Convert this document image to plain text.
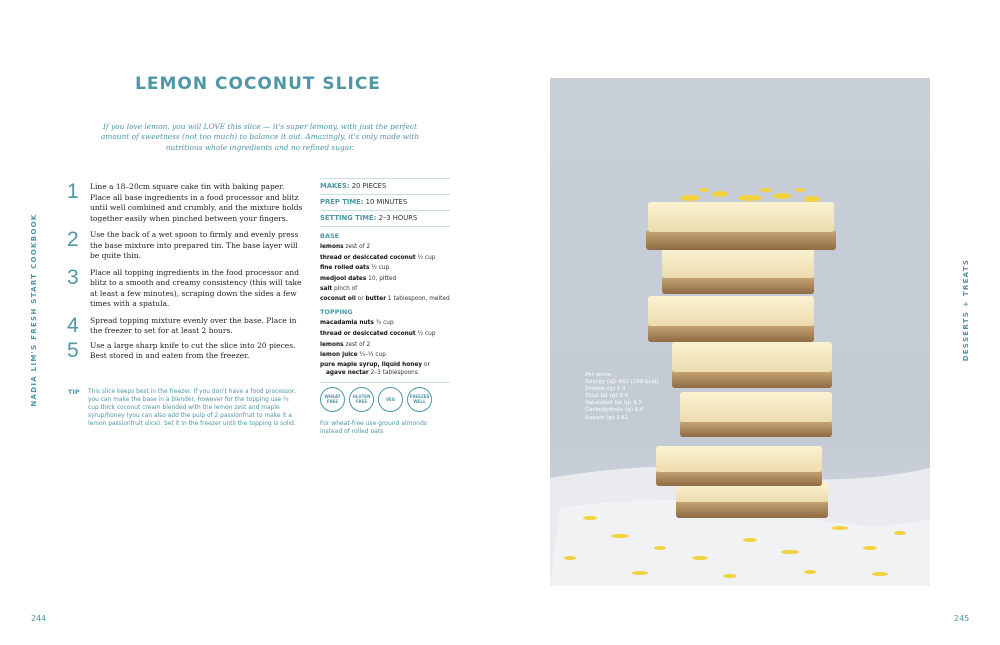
NADIA LIM'S FRESH START COOKBOOK	DESSERTS + TREATS
244	245
LEMON COCONUT SLICE

If you love lemon, you will LOVE this slice — it's super lemony, with just the perfect amount of sweetness (not too much) to balance it out. Amazingly, it's only made with nutritious whole ingredients and no refined sugar.

1 Line a 18–20cm square cake tin with baking paper. Place all base ingredients in a food processor and blitz until well combined and crumbly, and the mixture holds together easily when pinched between your fingers.

2 Use the back of a wet spoon to firmly and evenly press the base mixture into prepared tin. The base layer will be quite thin.

3 Place all topping ingredients in the food processor and blitz to a smooth and creamy consistency (this will take at least a few minutes), scraping down the sides a few times with a spatula.

4 Spread topping mixture evenly over the base. Place in the freezer to set for at least 2 hours.

5 Use a large sharp knife to cut the slice into 20 pieces. Best stored in and eaten from the freezer.

TIP This slice keeps best in the freezer. If you don't have a food processor, you can make the base in a blender, however for the topping use ¾ cup thick coconut cream blended with the lemon zest and maple syrup/honey (you can also add the pulp of 2 passionfruit to make it a lemon passionfruit slice). Set it in the freezer until the topping is solid.

MAKES: 20 PIECES
PREP TIME: 10 MINUTES
SETTING TIME: 2–3 HOURS
BASE
lemons zest of 2
thread or desiccated coconut ½ cup
fine rolled oats ½ cup
medjool dates 10, pitted
salt pinch of
coconut oil or butter 1 tablespoon, melted
TOPPING
macadamia nuts ¾ cup
thread or desiccated coconut ½ cup
lemons zest of 2
lemon juice ¼–⅓ cup
pure maple syrup, liquid honey or
agave nectar 2–3 tablespoons
WHEAT FREE
GLUTEN FREE	VEG	FREEZES WELL

For wheat-free use ground almonds instead of rolled oats

Per serve
Energy (kJ) 461 (109 kcal)
Protein (g) 1.4
Total fat (g) 8.6
Saturated fat (g) 4.5
Carbohydrate (g) 6.6
Sugars (g) 3.62
